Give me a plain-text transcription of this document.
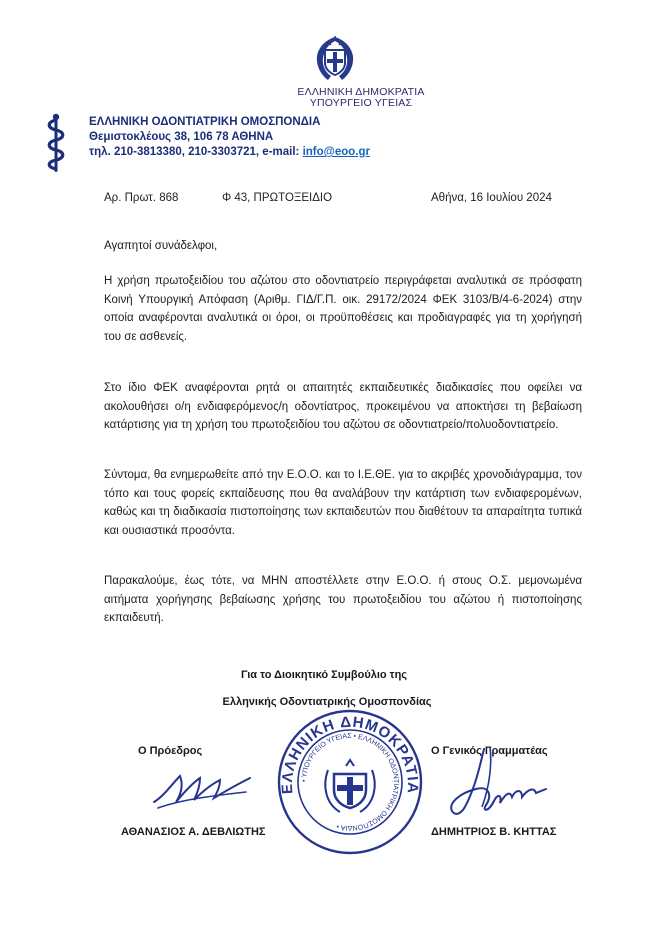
ΕΛΛΗΝΙΚΗ ΔΗΜΟΚΡΑΤΙΑ
ΥΠΟΥΡΓΕΙΟ ΥΓΕΙΑΣ
ΕΛΛΗΝΙΚΗ ΟΔΟΝΤΙΑΤΡΙΚΗ ΟΜΟΣΠΟΝΔΙΑ
Θεμιστοκλέους 38, 106 78 ΑΘΗΝΑ
τηλ. 210-3813380, 210-3303721, e-mail: info@eoo.gr
Αρ. Πρωτ. 868	Φ 43, ΠΡΩΤΟΞΕΙΔΙΟ	Αθήνα, 16 Ιουλίου 2024
Αγαπητοί συνάδελφοι,
Η χρήση πρωτοξειδίου του αζώτου στο οδοντιατρείο περιγράφεται αναλυτικά σε πρόσφατη Κοινή Υπουργική Απόφαση (Αριθμ. ΓΙΔ/Γ.Π. οικ. 29172/2024 ΦΕΚ 3103/Β/4-6-2024) στην οποία αναφέρονται αναλυτικά οι όροι, οι προϋποθέσεις και προδιαγραφές για τη χορήγησή του σε ασθενείς.
Στο ίδιο ΦΕΚ αναφέρονται ρητά οι απαιτητές εκπαιδευτικές διαδικασίες που οφείλει να ακολουθήσει ο/η ενδιαφερόμενος/η οδοντίατρος, προκειμένου να αποκτήσει τη βεβαίωση κατάρτισης για τη χρήση του πρωτοξειδίου του αζώτου σε οδοντιατρείο/πολυοδοντιατρείο.
Σύντομα, θα ενημερωθείτε από την Ε.Ο.Ο. και το Ι.Ε.ΘΕ. για το ακριβές χρονοδιάγραμμα, τον τόπο και τους φορείς εκπαίδευσης που θα αναλάβουν την κατάρτιση των ενδιαφερομένων, καθώς και τη διαδικασία πιστοποίησης των εκπαιδευτών που διαθέτουν τα απαραίτητα τυπικά και ουσιαστικά προσόντα.
Παρακαλούμε, έως τότε, να ΜΗΝ αποστέλλετε στην Ε.Ο.Ο. ή στους Ο.Σ. μεμονωμένα αιτήματα χορήγησης βεβαίωσης χρήσης του πρωτοξειδίου του αζώτου ή πιστοποίησης εκπαιδευτή.
Για το Διοικητικό Συμβούλιο της
Ελληνικής Οδοντιατρικής Ομοσπονδίας
Ο Πρόεδρος	Ο Γενικός Γραμματέας
ΕΛΛΗΝΙΚΗ ΔΗΜΟΚΡΑΤΙΑ
• ΥΠΟΥΡΓΕΙΟ ΥΓΕΙΑΣ • ΕΛΛΗΝΙΚΗ ΟΔΟΝΤΙΑΤΡΙΚΗ ΟΜΟΣΠΟΝΔΙΑ •
ΑΘΑΝΑΣΙΟΣ Α. ΔΕΒΛΙΩΤΗΣ	ΔΗΜΗΤΡΙΟΣ Β. ΚΗΤΤΑΣ
